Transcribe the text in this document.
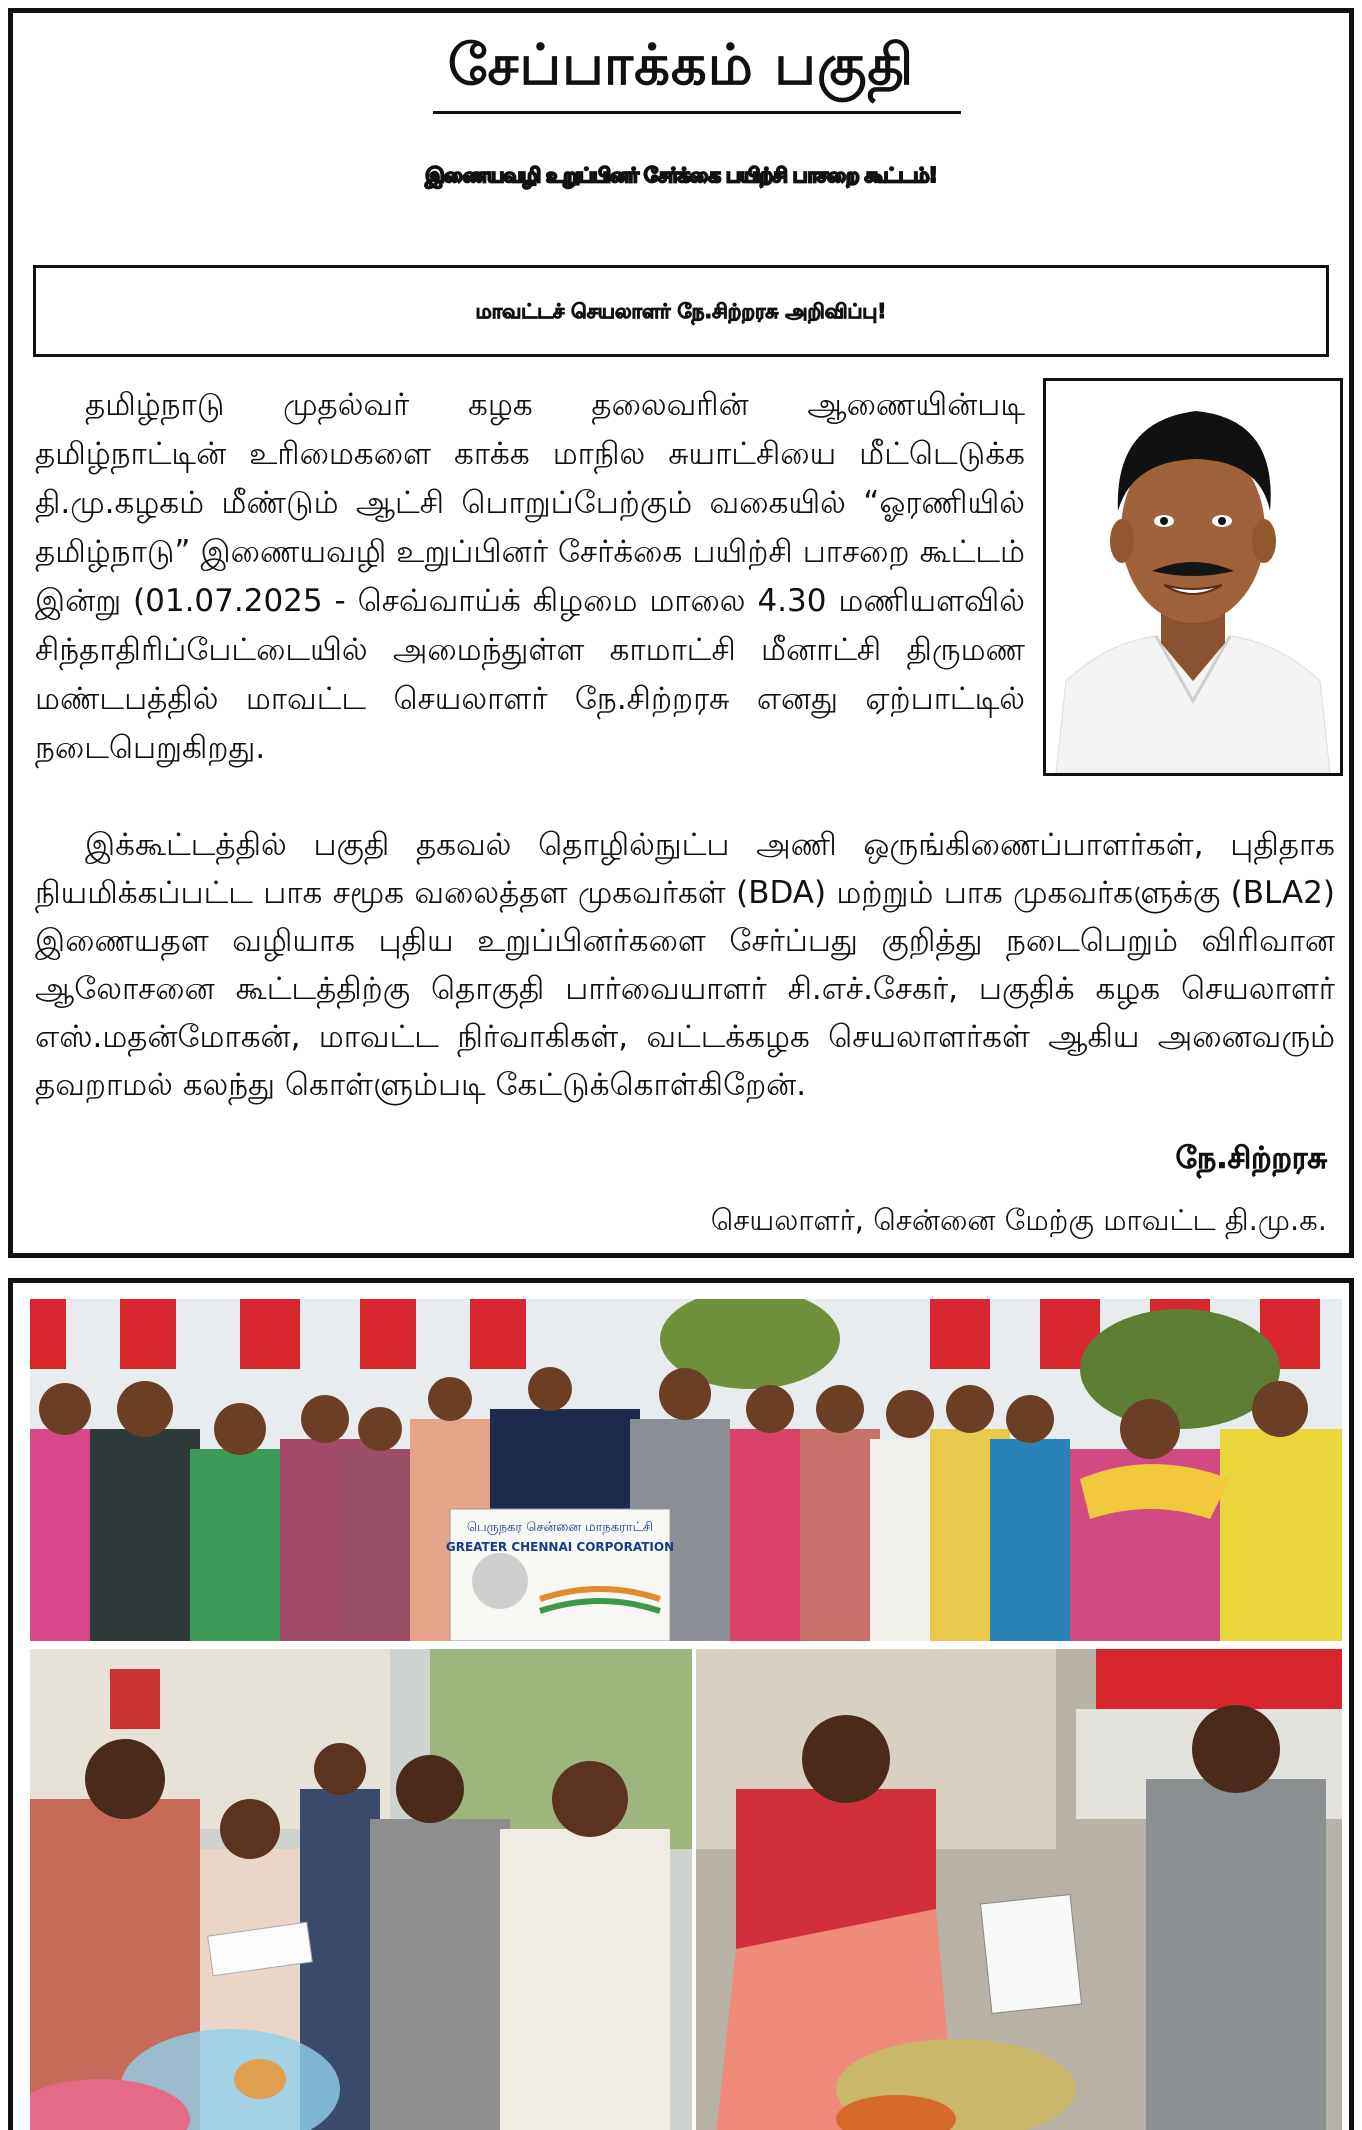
சேப்பாக்கம் பகுதி
இணையவழி உறுப்பினர் சேர்க்கை பயிற்சி பாசறை கூட்டம்!
மாவட்டச் செயலாளர் நே.சிற்றரசு அறிவிப்பு!

தமிழ்நாடு முதல்வர் கழக தலைவரின் ஆணையின்படி தமிழ்நாட்டின் உரிமைகளை காக்க மாநில சுயாட்சியை மீட்டெடுக்க தி.மு.கழகம் மீண்டும் ஆட்சி பொறுப்பேற்கும் வகையில் “ஓரணியில் தமிழ்நாடு” இணையவழி உறுப்பினர் சேர்க்கை பயிற்சி பாசறை கூட்டம் இன்று (01.07.2025 - செவ்வாய்க் கிழமை மாலை 4.30 மணியளவில் சிந்தாதிரிப்பேட்டையில் அமைந்துள்ள காமாட்சி மீனாட்சி திருமண மண்டபத்தில் மாவட்ட செயலாளர் நே.சிற்றரசு எனது ஏற்பாட்டில் நடைபெறுகிறது.

இக்கூட்டத்தில் பகுதி தகவல் தொழில்நுட்ப அணி ஒருங்கிணைப்பாளர்கள், புதிதாக நியமிக்கப்பட்ட பாக சமூக வலைத்தள முகவர்கள் (BDA) மற்றும் பாக முகவர்களுக்கு (BLA2) இணையதள வழியாக புதிய உறுப்பினர்களை சேர்ப்பது குறித்து நடைபெறும் விரிவான ஆலோசனை கூட்டத்திற்கு தொகுதி பார்வையாளர் சி.எச்.சேகர், பகுதிக் கழக செயலாளர் எஸ்.மதன்மோகன், மாவட்ட நிர்வாகிகள், வட்டக்கழக செயலாளர்கள் ஆகிய அனைவரும் தவறாமல் கலந்து கொள்ளும்படி கேட்டுக்கொள்கிறேன்.

நே.சிற்றரசு
செயலாளர், சென்னை மேற்கு மாவட்ட தி.மு.க.
பெருநகர சென்னை மாநகராட்சி
GREATER CHENNAI CORPORATION
